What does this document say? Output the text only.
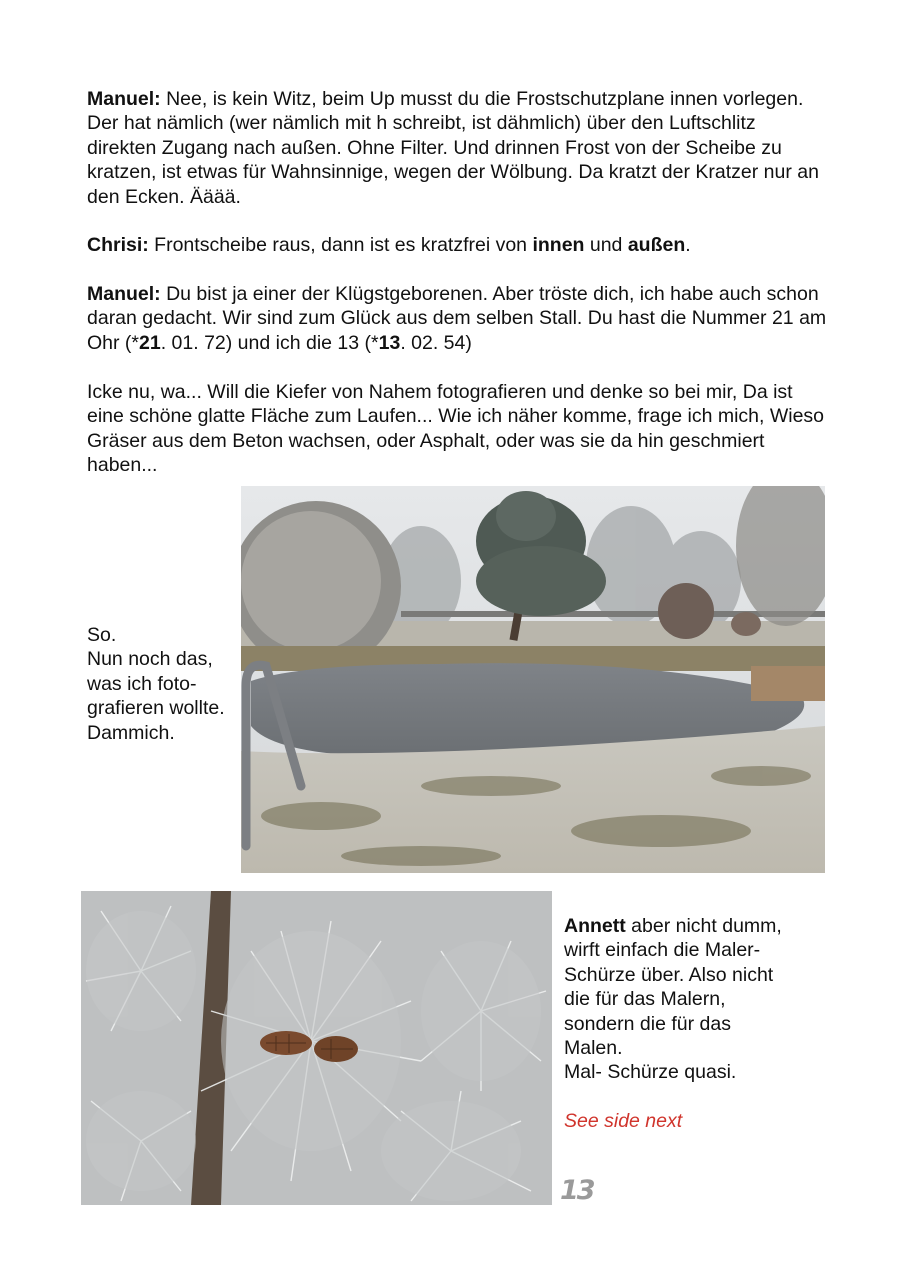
Manuel: Nee, is kein Witz, beim Up musst du die Frostschutzplane innen vorlegen. Der hat nämlich (wer nämlich mit h schreibt, ist dähmlich) über den Luftschlitz direkten Zugang nach außen. Ohne Filter. Und drinnen Frost von der Scheibe zu kratzen, ist etwas für Wahnsinnige, wegen der Wölbung. Da kratzt der Kratzer nur an den Ecken. Ääää.

Chrisi: Frontscheibe raus, dann ist es kratzfrei von innen und außen.

Manuel: Du bist ja einer der Klügstgeborenen. Aber tröste dich, ich habe auch schon daran gedacht. Wir sind zum Glück aus dem selben Stall. Du hast die Nummer 21 am Ohr (*21. 01. 72) und ich die 13 (*13. 02. 54)

Icke nu, wa... Will die Kiefer von Nahem fotografieren und denke so bei mir, Da ist eine schöne glatte Fläche zum Laufen... Wie ich näher komme, frage ich mich, Wieso Gräser aus dem Beton wachsen, oder Asphalt, oder was sie da hin geschmiert haben...

So.
Nun noch das,
was ich foto-
grafieren wollte.
Dammich.
Annett aber nicht dumm,
wirft einfach die Maler-
Schürze über. Also nicht
die für das Malern,
sondern die für das
Malen.
Mal- Schürze quasi.
See side next
13
